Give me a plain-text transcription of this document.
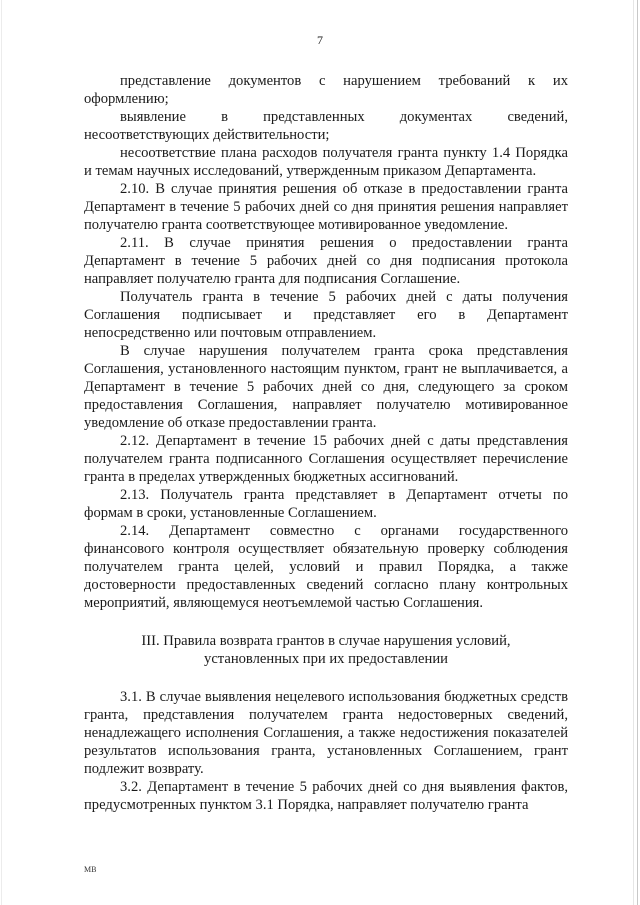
7

представление документов с нарушением требований к их оформлению;

выявление в представленных документах сведений, несоответствующих действительности;

несоответствие плана расходов получателя гранта пункту 1.4 Порядка и темам научных исследований, утвержденным приказом Департамента.

2.10. В случае принятия решения об отказе в предоставлении гранта Департамент в течение 5 рабочих дней со дня принятия решения направляет получателю гранта соответствующее мотивированное уведомление.

2.11. В случае принятия решения о предоставлении гранта Департамент в течение 5 рабочих дней со дня подписания протокола направляет получателю гранта для подписания Соглашение.

Получатель гранта в течение 5 рабочих дней с даты получения Соглашения подписывает и представляет его в Департамент непосредственно или почтовым отправлением.

В случае нарушения получателем гранта срока представления Соглашения, установленного настоящим пунктом, грант не выплачивается, а Департамент в течение 5 рабочих дней со дня, следующего за сроком предоставления Соглашения, направляет получателю мотивированное уведомление об отказе предоставлении гранта.

2.12. Департамент в течение 15 рабочих дней с даты представления получателем гранта подписанного Соглашения осуществляет перечисление гранта в пределах утвержденных бюджетных ассигнований.

2.13. Получатель гранта представляет в Департамент отчеты по формам в сроки, установленные Соглашением.

2.14. Департамент совместно с органами государственного финансового контроля осуществляет обязательную проверку соблюдения получателем гранта целей, условий и правил Порядка, а также достоверности предоставленных сведений согласно плану контрольных мероприятий, являющемуся неотъемлемой частью Соглашения.

III. Правила возврата грантов в случае нарушения условий,

установленных при их предоставлении

3.1. В случае выявления нецелевого использования бюджетных средств гранта, представления получателем гранта недостоверных сведений, ненадлежащего исполнения Соглашения, а также недостижения показателей результатов использования гранта, установленных Соглашением, грант подлежит возврату.

3.2. Департамент в течение 5 рабочих дней со дня выявления фактов, предусмотренных пунктом 3.1 Порядка, направляет получателю гранта

МВ
